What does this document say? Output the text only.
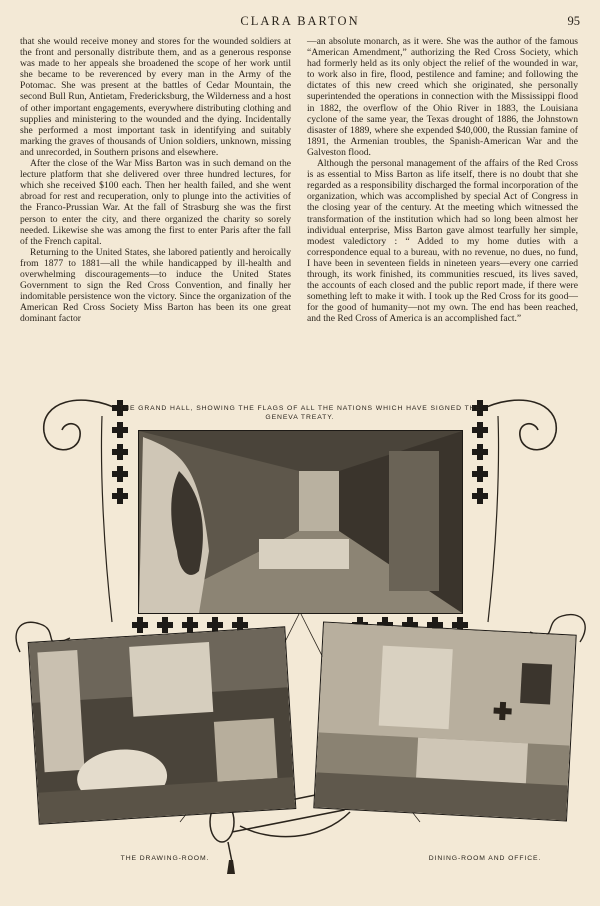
CLARA BARTON	95

that she would receive money and stores for the wounded soldiers at the front and personally distribute them, and as a generous response was made to her appeals she broadened the scope of her work until she became to be reverenced by every man in the Army of the Potomac. She was present at the battles of Cedar Mountain, the second Bull Run, Antietam, Fredericksburg, the Wilderness and a host of other important engagements, everywhere distributing clothing and supplies and ministering to the wounded and the dying. Incidentally she performed a most important task in identifying and suitably marking the graves of thousands of Union soldiers, unknown, missing and unrecorded, in Southern prisons and elsewhere.

After the close of the War Miss Barton was in such demand on the lecture platform that she delivered over three hundred lectures, for which she received $100 each. Then her health failed, and she went abroad for rest and recuperation, only to plunge into the activities of the Franco-Prussian War. At the fall of Strasburg she was the first person to enter the city, and there organized the charity so sorely needed. Likewise she was among the first to enter Paris after the fall of the French capital.

Returning to the United States, she labored patiently and heroically from 1877 to 1881—all the while handicapped by ill-health and overwhelming discouragements—to induce the United States Government to sign the Red Cross Convention, and finally her indomitable persistence won the victory. Since the organization of the American Red Cross Society Miss Barton has been its one great dominant factor

—an absolute monarch, as it were. She was the author of the famous “American Amendment,” authorizing the Red Cross Society, which had formerly held as its only object the relief of the wounded in war, to work also in fire, flood, pestilence and famine; and following the dictates of this new creed which she originated, she personally superintended the operations in connection with the Mississippi flood in 1882, the overflow of the Ohio River in 1883, the Louisiana cyclone of the same year, the Texas drought of 1886, the Johnstown disaster of 1889, where she expended $40,000, the Russian famine of 1891, the Armenian troubles, the Spanish-American War and the Galveston flood.

Although the personal management of the affairs of the Red Cross is as essential to Miss Barton as life itself, there is no doubt that she regarded as a responsibility discharged the formal incorporation of the organization, which was accomplished by special Act of Congress in the closing year of the century. At the meeting which witnessed the transformation of the institution which had so long been almost her individual enterprise, Miss Barton gave almost tearfully her simple, modest valedictory : “ Added to my home duties with a correspondence equal to a bureau, with no revenue, no dues, no fund, I have been in seventeen fields in nineteen years—every one carried through, its work finished, its communities rescued, its lives saved, the accounts of each closed and the public report made, if there were something left to make it with. I took up the Red Cross for its good—for the good of humanity—not my own. The end has been reached, and the Red Cross of America is an accomplished fact.”

THE GRAND HALL, SHOWING THE FLAGS OF ALL THE NATIONS WHICH HAVE SIGNED THE GENEVA TREATY.
THE DRAWING-ROOM.	DINING-ROOM AND OFFICE.
